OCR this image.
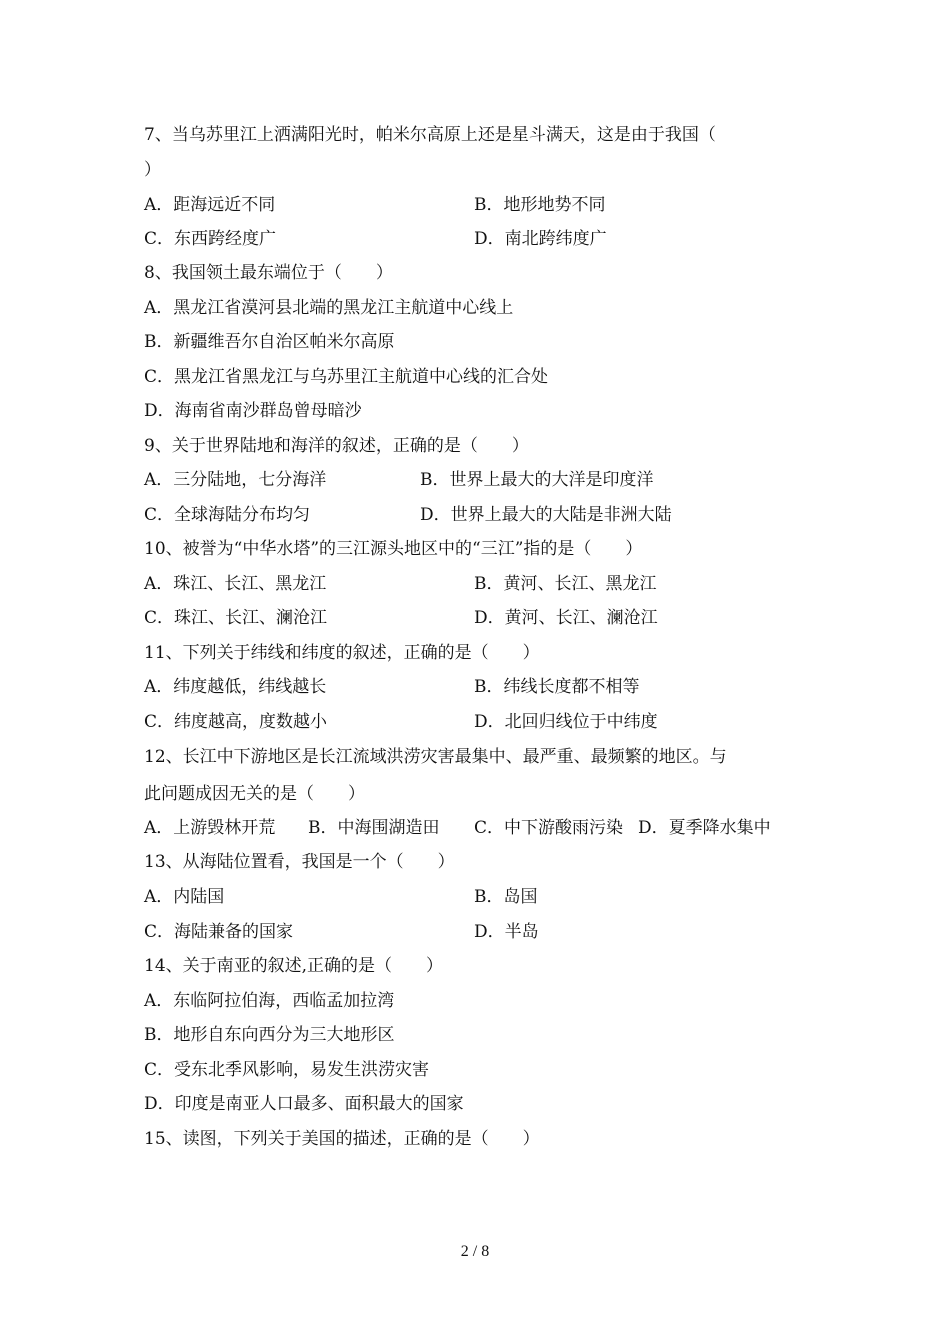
7、当乌苏里江上洒满阳光时，帕米尔高原上还是星斗满天，这是由于我国（
）
A．距海远近不同	B．地形地势不同
C．东西跨经度广	D．南北跨纬度广
8、我国领土最东端位于（　　）
A．黑龙江省漠河县北端的黑龙江主航道中心线上
B．新疆维吾尔自治区帕米尔高原
C．黑龙江省黑龙江与乌苏里江主航道中心线的汇合处
D．海南省南沙群岛曾母暗沙
9、关于世界陆地和海洋的叙述，正确的是（　　）
A．三分陆地，七分海洋	B．世界上最大的大洋是印度洋
C．全球海陆分布均匀	D．世界上最大的大陆是非洲大陆
10、被誉为“中华水塔”的三江源头地区中的“三江”指的是（　　）
A．珠江、长江、黑龙江	B．黄河、长江、黑龙江
C．珠江、长江、澜沧江	D．黄河、长江、澜沧江
11、下列关于纬线和纬度的叙述，正确的是（　　）
A．纬度越低，纬线越长	B．纬线长度都不相等
C．纬度越高，度数越小	D．北回归线位于中纬度
12、长江中下游地区是长江流域洪涝灾害最集中、最严重、最频繁的地区。与
此问题成因无关的是（　　）
A．上游毁林开荒 B．中海围湖造田 C．中下游酸雨污染 D．夏季降水集中
13、从海陆位置看，我国是一个（　　）
A．内陆国	B．岛国
C．海陆兼备的国家	D．半岛
14、关于南亚的叙述,正确的是（　　）
A．东临阿拉伯海，西临孟加拉湾
B．地形自东向西分为三大地形区
C．受东北季风影响，易发生洪涝灾害
D．印度是南亚人口最多、面积最大的国家
15、读图，下列关于美国的描述，正确的是（　　）
2 / 8
